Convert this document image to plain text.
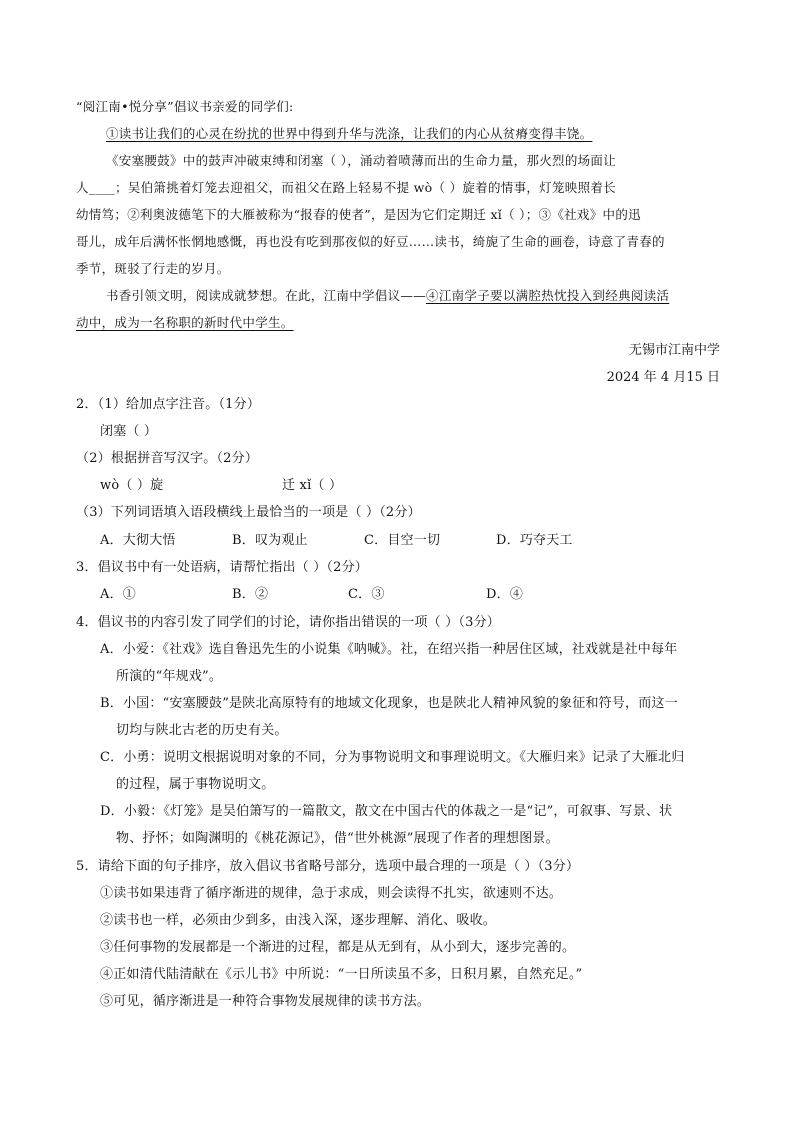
“阅江南•悦分享”倡议书亲爱的同学们:
①读书让我们的心灵在纷扰的世界中得到升华与洗涤，让我们的内心从贫瘠变得丰饶。
《安塞腰鼓》中的鼓声冲破束缚和闭塞（ ），涌动着喷薄而出的生命力量，那火烈的场面让
人____；吴伯箫挑着灯笼去迎祖父，而祖父在路上轻易不提 wò（ ）旋着的情事，灯笼映照着长
幼情笃；②利奥波德笔下的大雁被称为“报春的使者”，是因为它们定期迁 xǐ（ ）；③《社戏》中的迅
哥儿，成年后满怀怅惘地感慨，再也没有吃到那夜似的好豆……读书，绮旎了生命的画卷，诗意了青春的
季节，斑驳了行走的岁月。
书香引领文明，阅读成就梦想。在此，江南中学倡议——④江南学子要以满腔热忱投入到经典阅读活
动中，成为一名称职的新时代中学生。
无锡市江南中学
2024 年 4 月15 日
2．（1）给加点字注音。（1分）
闭塞（ ）
（2）根据拼音写汉字。（2分）
wò（ ）旋	迁 xǐ（ ）
（3）下列词语填入语段横线上最恰当的一项是（ ）（2分）
A．大彻大悟	B．叹为观止	C．目空一切	D．巧夺天工
3．倡议书中有一处语病，请帮忙指出（ ）（2分）
A．①	B．②	C．③	D．④
4．倡议书的内容引发了同学们的讨论，请你指出错误的一项（ ）（3分）
A．小爱：《社戏》选自鲁迅先生的小说集《呐喊》。社，在绍兴指一种居住区域，社戏就是社中每年
所演的“年规戏”。
B．小国：“安塞腰鼓”是陕北高原特有的地域文化现象，也是陕北人精神风貌的象征和符号，而这一
切均与陕北古老的历史有关。
C．小勇：说明文根据说明对象的不同，分为事物说明文和事理说明文。《大雁归来》记录了大雁北归
的过程，属于事物说明文。
D．小毅：《灯笼》是吴伯箫写的一篇散文，散文在中国古代的体裁之一是“记”，可叙事、写景、状
物、抒怀；如陶渊明的《桃花源记》，借“世外桃源”展现了作者的理想图景。
5．请给下面的句子排序，放入倡议书省略号部分，选项中最合理的一项是（ ）（3分）
①读书如果违背了循序渐进的规律，急于求成，则会读得不扎实，欲速则不达。
②读书也一样，必须由少到多，由浅入深，逐步理解、消化、吸收。
③任何事物的发展都是一个渐进的过程，都是从无到有，从小到大，逐步完善的。
④正如清代陆清献在《示儿书》中所说：“一日所读虽不多，日积月累，自然充足。”
⑤可见，循序渐进是一种符合事物发展规律的读书方法。
